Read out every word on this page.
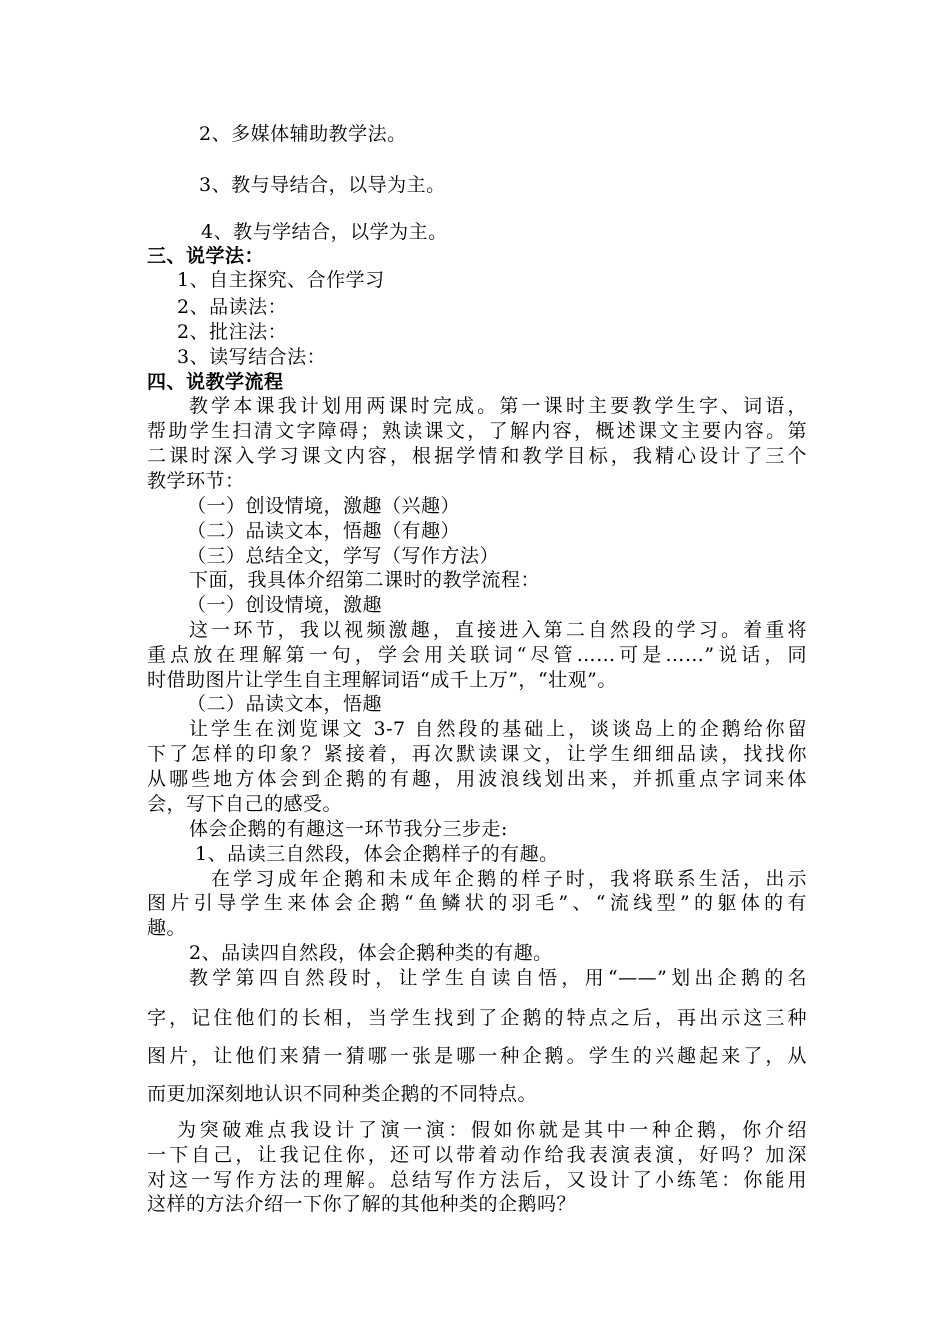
2、多媒体辅助教学法。
3、教与导结合，以导为主。
4、教与学结合，以学为主。
三、说学法：
1、自主探究、合作学习
2、品读法：
2、批注法：
3、读写结合法：
四、说教学流程
教学本课我计划用两课时完成。第一课时主要教学生字、词语，
帮助学生扫清文字障碍；熟读课文，了解内容，概述课文主要内容。第
二课时深入学习课文内容，根据学情和教学目标，我精心设计了三个
教学环节：
（一）创设情境，激趣（兴趣）
（二）品读文本，悟趣（有趣）
（三）总结全文，学写（写作方法）
下面，我具体介绍第二课时的教学流程：
（一）创设情境，激趣
这一环节，我以视频激趣，直接进入第二自然段的学习。着重将
重点放在理解第一句，学会用关联词“尽管……可是……”说话，同
时借助图片让学生自主理解词语“成千上万”，“壮观”。
（二）品读文本，悟趣
让学生在浏览课文 3-7 自然段的基础上，谈谈岛上的企鹅给你留
下了怎样的印象？紧接着，再次默读课文，让学生细细品读，找找你
从哪些地方体会到企鹅的有趣，用波浪线划出来，并抓重点字词来体
会，写下自己的感受。
体会企鹅的有趣这一环节我分三步走:
1、品读三自然段，体会企鹅样子的有趣。
在学习成年企鹅和未成年企鹅的样子时，我将联系生活，出示
图片引导学生来体会企鹅“鱼鳞状的羽毛”、“流线型”的躯体的有
趣。
2、品读四自然段，体会企鹅种类的有趣。
教学第四自然段时，让学生自读自悟，用“——”划出企鹅的名
字，记住他们的长相，当学生找到了企鹅的特点之后，再出示这三种
图片，让他们来猜一猜哪一张是哪一种企鹅。学生的兴趣起来了，从
而更加深刻地认识不同种类企鹅的不同特点。
为突破难点我设计了演一演：假如你就是其中一种企鹅，你介绍
一下自己，让我记住你，还可以带着动作给我表演表演，好吗？加深
对这一写作方法的理解。总结写作方法后，又设计了小练笔：你能用
这样的方法介绍一下你了解的其他种类的企鹅吗？
